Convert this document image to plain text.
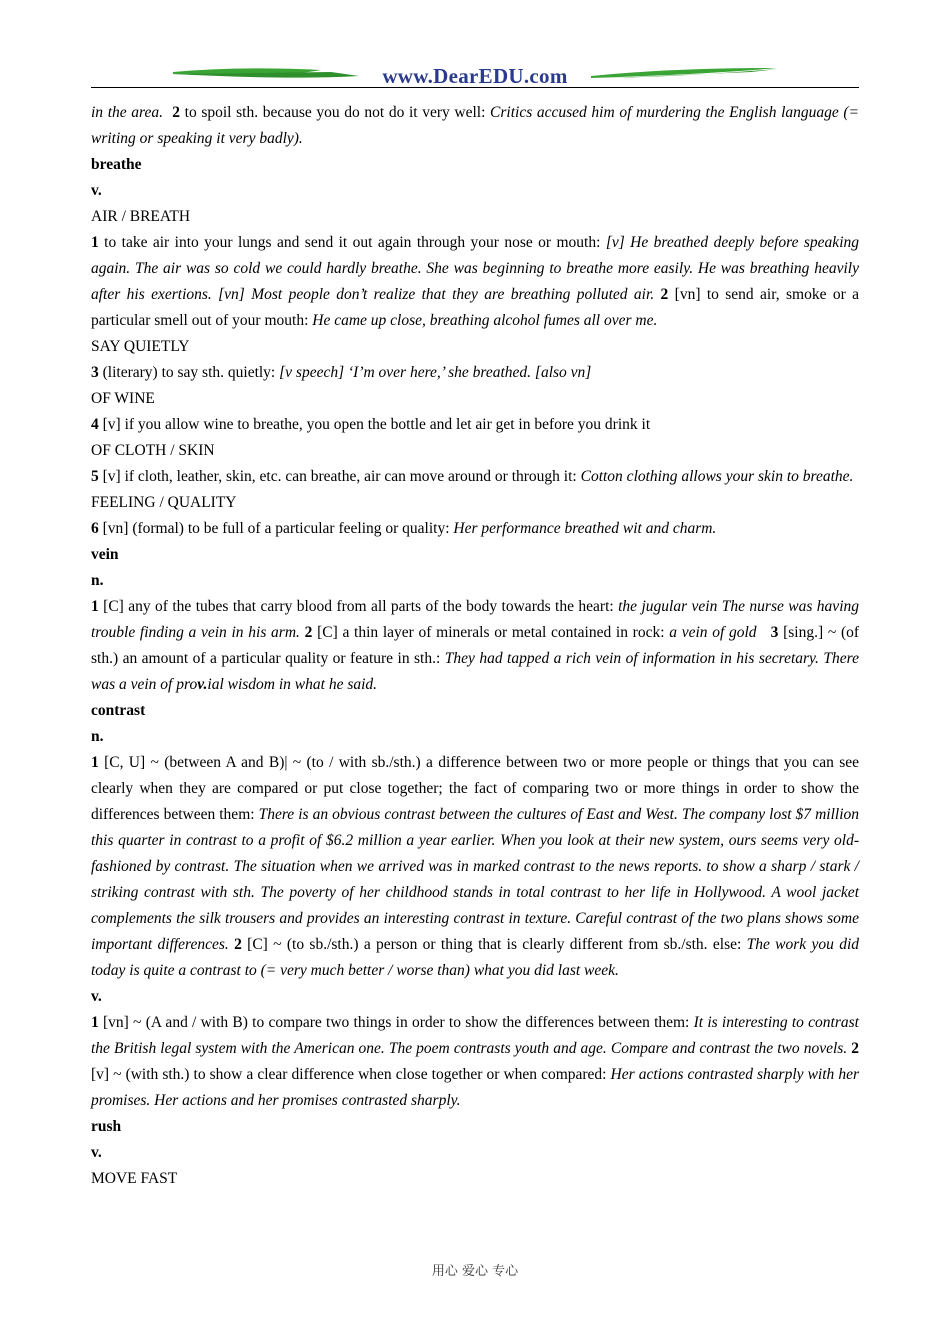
www.DearEDU.com

in the area. 2 to spoil sth. because you do not do it very well: Critics accused him of murdering the English language (= writing or speaking it very badly).

breathe

v.

AIR / BREATH

1 to take air into your lungs and send it out again through your nose or mouth: [v] He breathed deeply before speaking again. The air was so cold we could hardly breathe. She was beginning to breathe more easily. He was breathing heavily after his exertions. [vn] Most people don’t realize that they are breathing polluted air. 2 [vn] to send air, smoke or a particular smell out of your mouth: He came up close, breathing alcohol fumes all over me.

SAY QUIETLY

3 (literary) to say sth. quietly: [v speech] ‘I’m over here,’ she breathed. [also vn]

OF WINE

4 [v] if you allow wine to breathe, you open the bottle and let air get in before you drink it

OF CLOTH / SKIN

5 [v] if cloth, leather, skin, etc. can breathe, air can move around or through it: Cotton clothing allows your skin to breathe.

FEELING / QUALITY

6 [vn] (formal) to be full of a particular feeling or quality: Her performance breathed wit and charm.

vein

n.

1 [C] any of the tubes that carry blood from all parts of the body towards the heart: the jugular vein The nurse was having trouble finding a vein in his arm. 2 [C] a thin layer of minerals or metal contained in rock: a vein of gold 3 [sing.] ~ (of sth.) an amount of a particular quality or feature in sth.: They had tapped a rich vein of information in his secretary. There was a vein of prov.ial wisdom in what he said.

contrast

n.

1 [C, U] ~ (between A and B)| ~ (to / with sb./sth.) a difference between two or more people or things that you can see clearly when they are compared or put close together; the fact of comparing two or more things in order to show the differences between them: There is an obvious contrast between the cultures of East and West. The company lost $7 million this quarter in contrast to a profit of $6.2 million a year earlier. When you look at their new system, ours seems very old-fashioned by contrast. The situation when we arrived was in marked contrast to the news reports. to show a sharp / stark / striking contrast with sth. The poverty of her childhood stands in total contrast to her life in Hollywood. A wool jacket complements the silk trousers and provides an interesting contrast in texture. Careful contrast of the two plans shows some important differences. 2 [C] ~ (to sb./sth.) a person or thing that is clearly different from sb./sth. else: The work you did today is quite a contrast to (= very much better / worse than) what you did last week.

v.

1 [vn] ~ (A and / with B) to compare two things in order to show the differences between them: It is interesting to contrast the British legal system with the American one. The poem contrasts youth and age. Compare and contrast the two novels. 2 [v] ~ (with sth.) to show a clear difference when close together or when compared: Her actions contrasted sharply with her promises. Her actions and her promises contrasted sharply.

rush

v.

MOVE FAST

用心 爱心 专心
